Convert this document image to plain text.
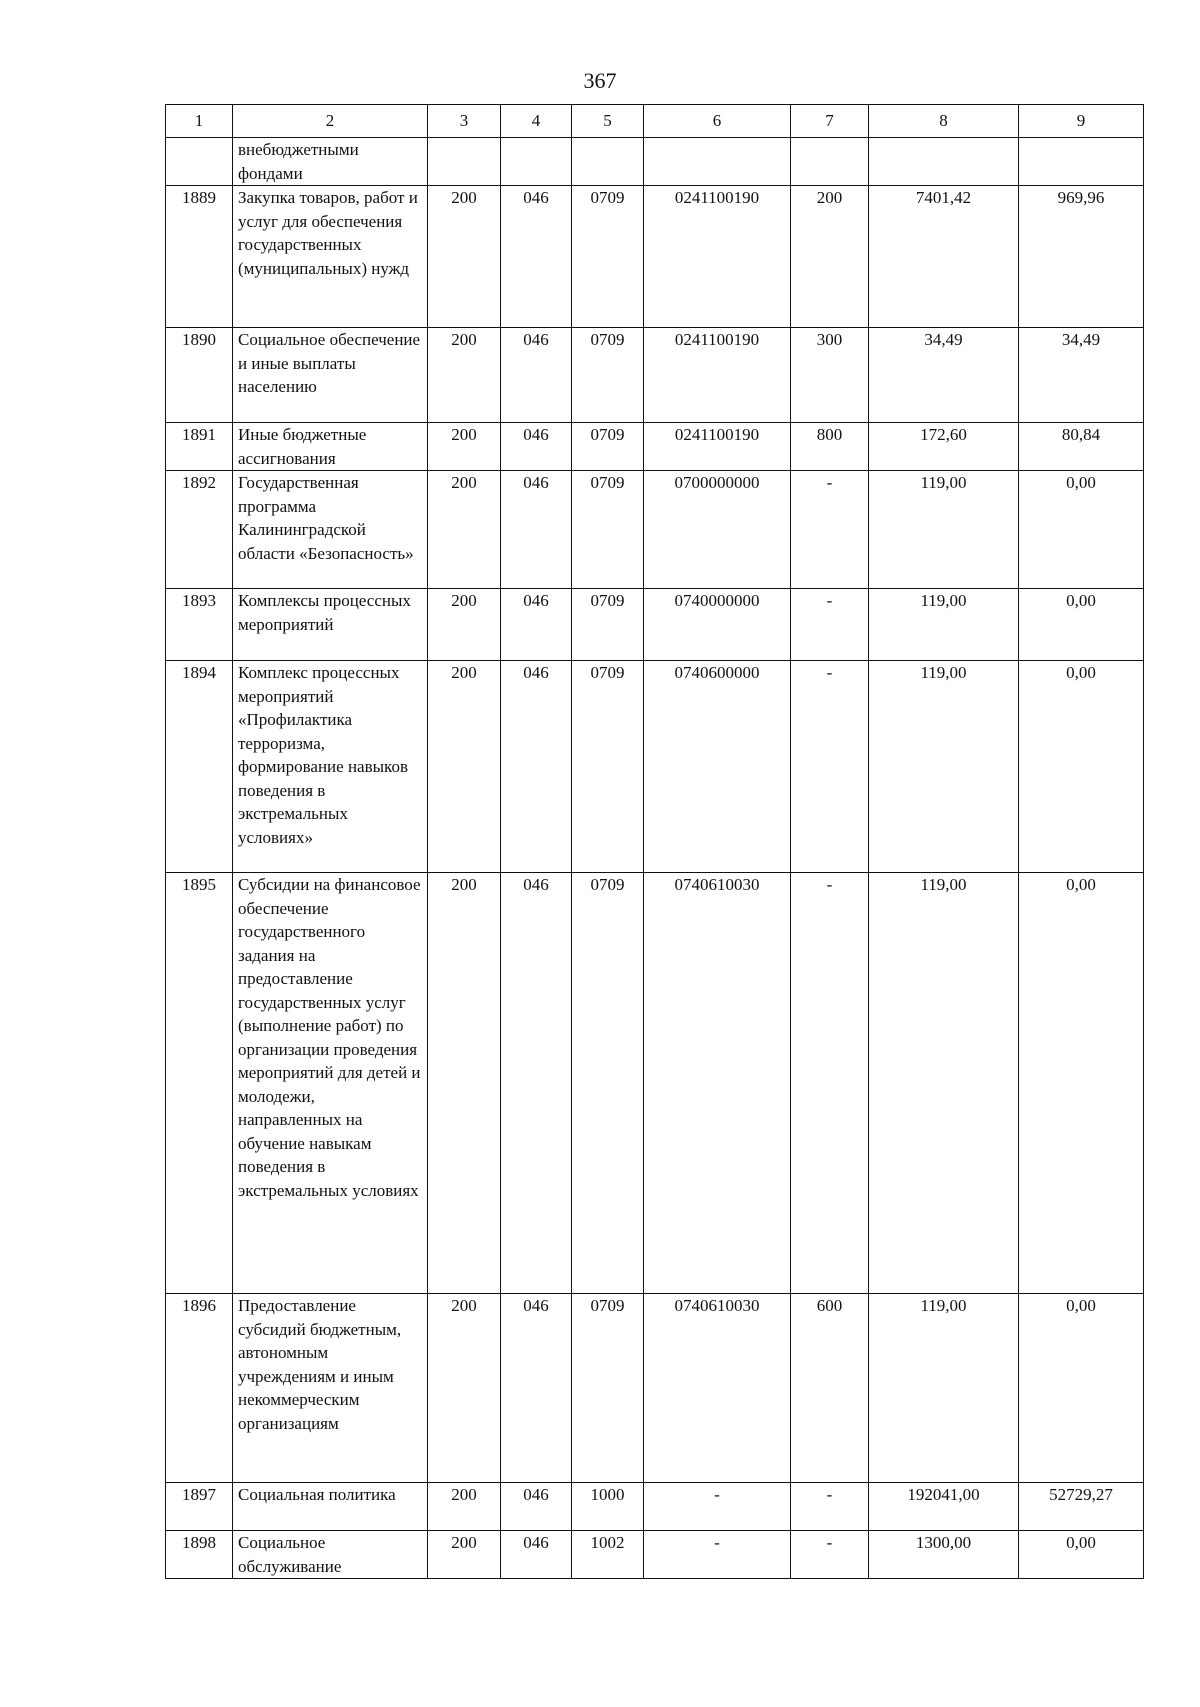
367
1	2	3	4	5	6	7	8	9
	внебюджетными фондами							
1889	Закупка товаров, работ и услуг для обеспечения государственных (муниципальных) нужд	200	046	0709	0241100190	200	7401,42	969,96
1890	Социальное обеспечение и иные выплаты населению	200	046	0709	0241100190	300	34,49	34,49
1891	Иные бюджетные ассигнования	200	046	0709	0241100190	800	172,60	80,84
1892	Государственная программа Калининградской области «Безопасность»	200	046	0709	0700000000	-	119,00	0,00
1893	Комплексы процессных мероприятий	200	046	0709	0740000000	-	119,00	0,00
1894	Комплекс процессных мероприятий «Профилактика терроризма, формирование навыков поведения в экстремальных условиях»	200	046	0709	0740600000	-	119,00	0,00
1895	Субсидии на финансовое обеспечение государственного задания на предоставление государственных услуг (выполнение работ) по организации проведения мероприятий для детей и молодежи, направленных на обучение навыкам поведения в экстремальных условиях	200	046	0709	0740610030	-	119,00	0,00
1896	Предоставление субсидий бюджетным, автономным учреждениям и иным некоммерческим организациям	200	046	0709	0740610030	600	119,00	0,00
1897	Социальная политика	200	046	1000	-	-	192041,00	52729,27
1898	Социальное обслуживание	200	046	1002	-	-	1300,00	0,00
